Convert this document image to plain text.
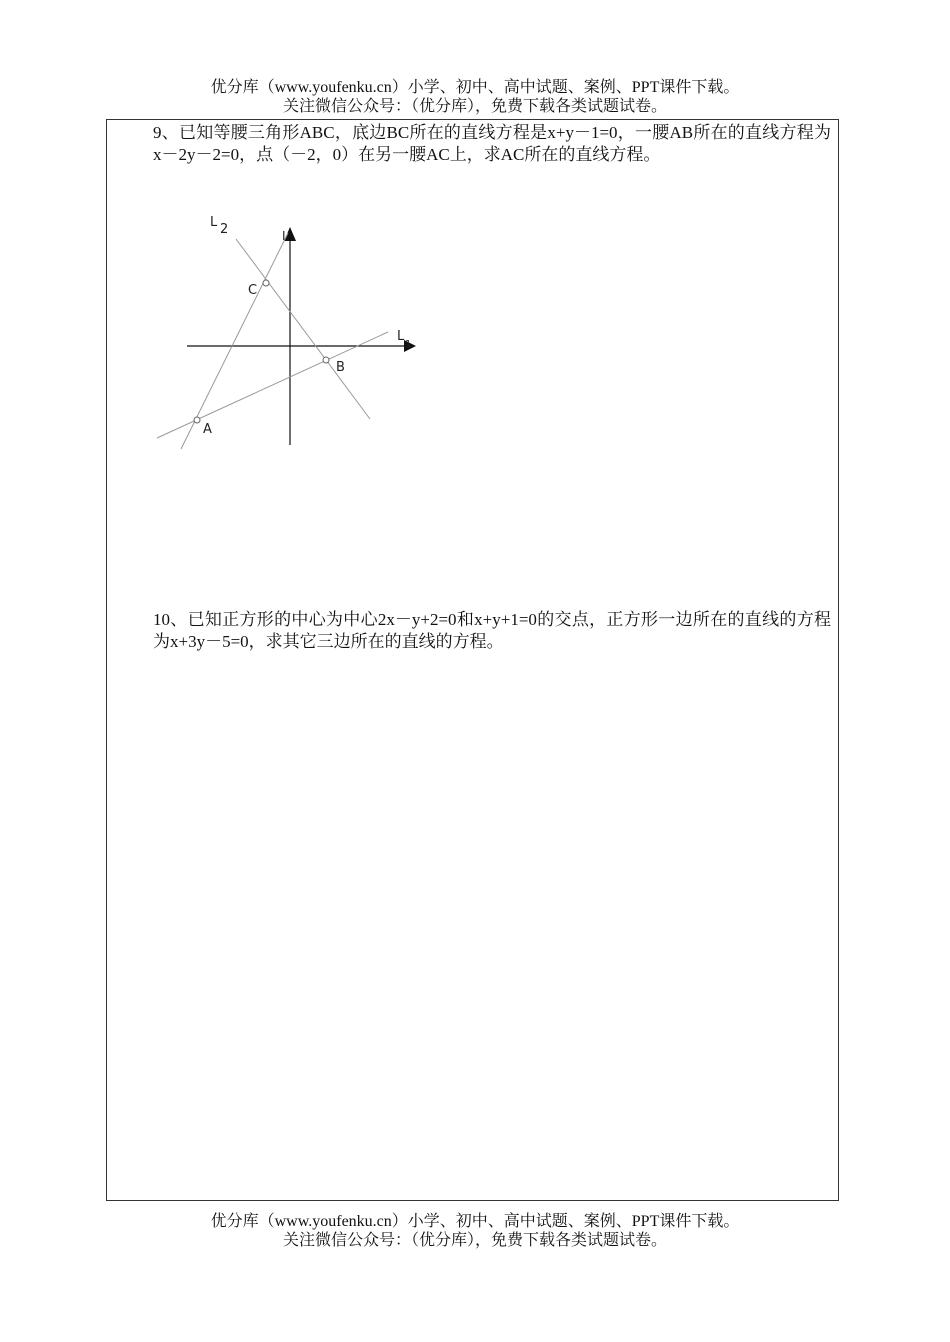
优分库（www.youfenku.cn）小学、初中、高中试题、案例、PPT课件下载。
关注微信公众号：（优分库），免费下载各类试题试卷。
9、已知等腰三角形ABC，底边BC所在的直线方程是x+y－1=0，一腰AB所在的直线方程为x－2y－2=0，点（－2，0）在另一腰AC上，求AC所在的直线方程。
L 2	I
C
L
1
B
A
10、已知正方形的中心为中心2x－y+2=0和x+y+1=0的交点，正方形一边所在的直线的方程为x+3y－5=0，求其它三边所在的直线的方程。
优分库（www.youfenku.cn）小学、初中、高中试题、案例、PPT课件下载。
关注微信公众号：（优分库），免费下载各类试题试卷。
